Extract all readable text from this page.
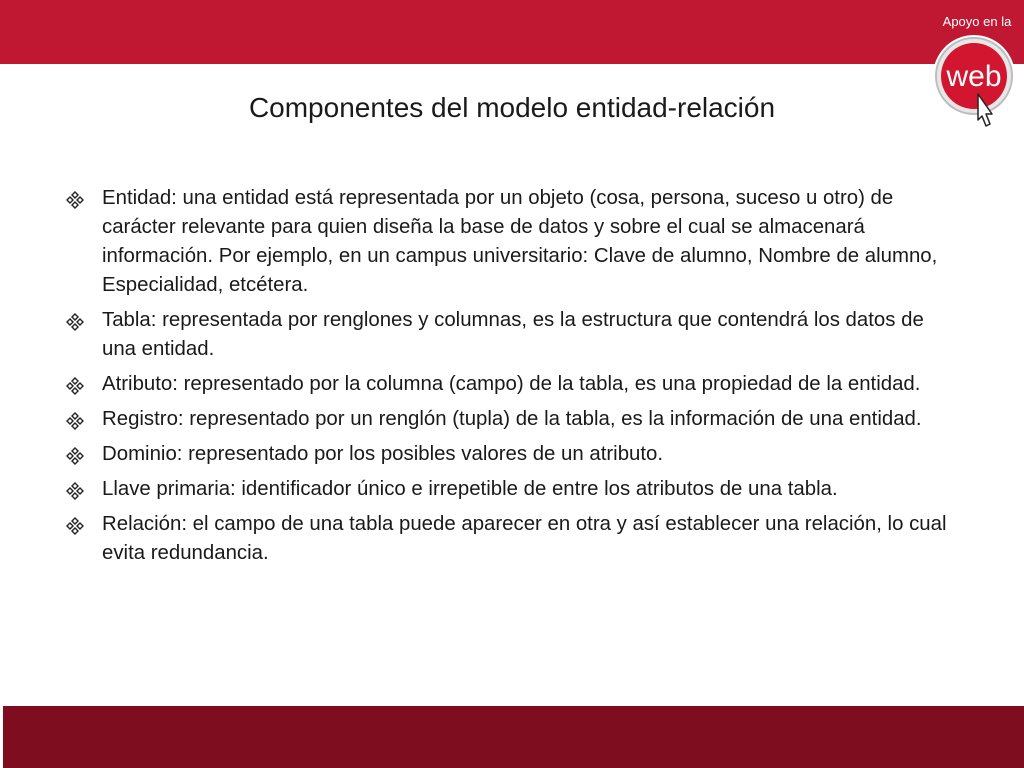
Apoyo en la
web
Componentes del modelo entidad-relación
Entidad: una entidad está representada por un objeto (cosa, persona, suceso u otro) de carácter relevante para quien diseña la base de datos y sobre el cual se almacenará información. Por ejemplo, en un campus universitario: Clave de alumno, Nombre de alumno, Especialidad, etcétera.
Tabla: representada por renglones y columnas, es la estructura que contendrá los datos de una entidad.
Atributo: representado por la columna (campo) de la tabla, es una propiedad de la entidad.
Registro: representado por un renglón (tupla) de la tabla, es la información de una entidad.
Dominio: representado por los posibles valores de un atributo.
Llave primaria: identificador único e irrepetible de entre los atributos de una tabla.
Relación: el campo de una tabla puede aparecer en otra y así establecer una relación, lo cual evita redundancia.
